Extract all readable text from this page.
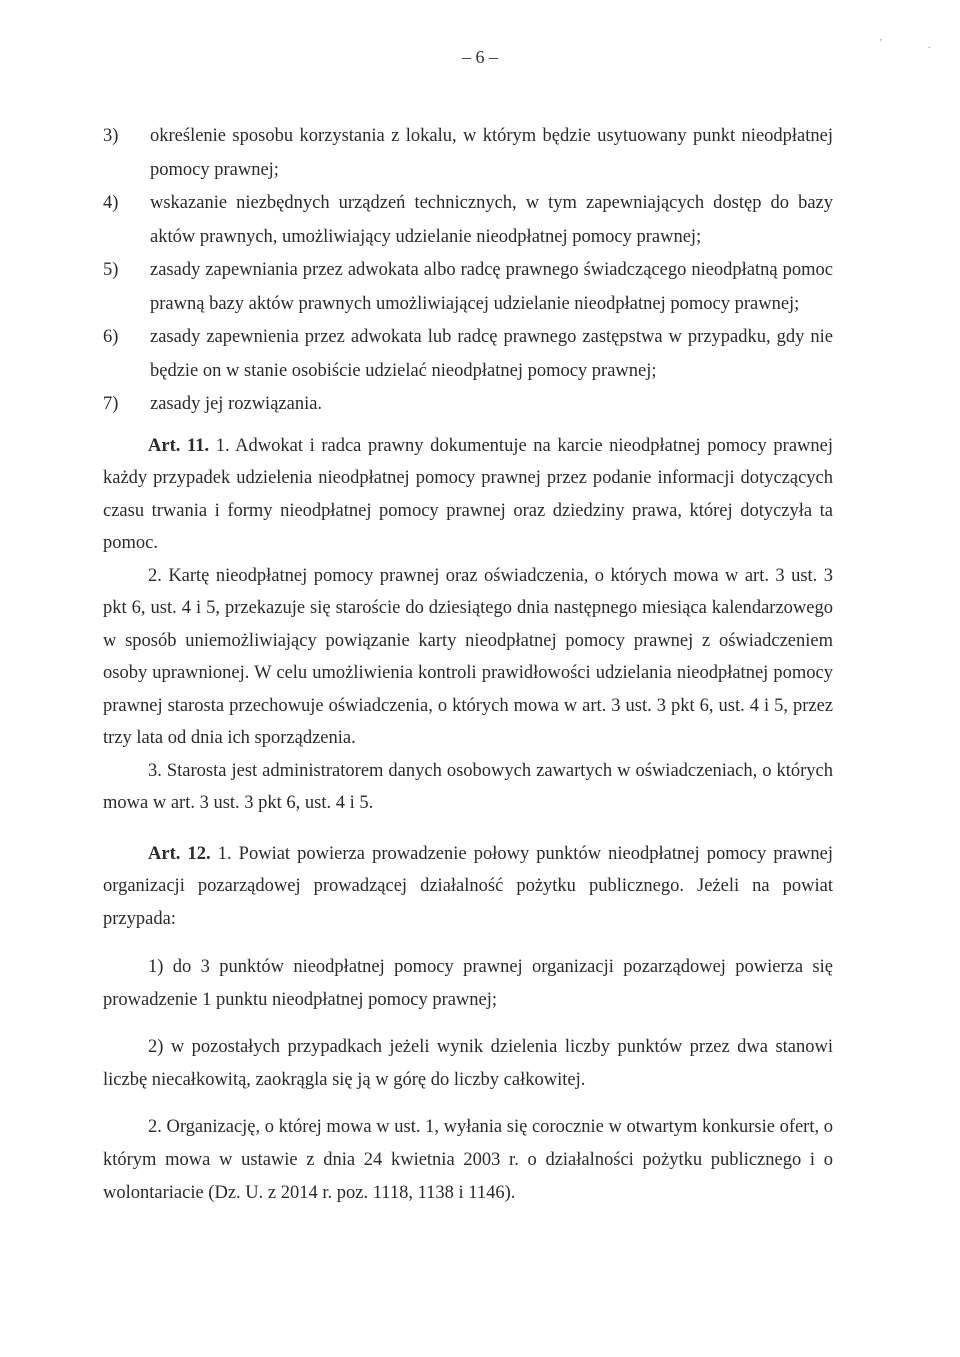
– 6 –
'	.
3) określenie sposobu korzystania z lokalu, w którym będzie usytuowany punkt nieodpłatnej pomocy prawnej;
4) wskazanie niezbędnych urządzeń technicznych, w tym zapewniających dostęp do bazy aktów prawnych, umożliwiający udzielanie nieodpłatnej pomocy prawnej;
5) zasady zapewniania przez adwokata albo radcę prawnego świadczącego nieodpłatną pomoc prawną bazy aktów prawnych umożliwiającej udzielanie nieodpłatnej pomocy prawnej;
6) zasady zapewnienia przez adwokata lub radcę prawnego zastępstwa w przypadku, gdy nie będzie on w stanie osobiście udzielać nieodpłatnej pomocy prawnej;
7) zasady jej rozwiązania.
Art. 11. 1. Adwokat i radca prawny dokumentuje na karcie nieodpłatnej pomocy prawnej każdy przypadek udzielenia nieodpłatnej pomocy prawnej przez podanie informacji dotyczących czasu trwania i formy nieodpłatnej pomocy prawnej oraz dziedziny prawa, której dotyczyła ta pomoc.
2. Kartę nieodpłatnej pomocy prawnej oraz oświadczenia, o których mowa w art. 3 ust. 3 pkt 6, ust. 4 i 5, przekazuje się staroście do dziesiątego dnia następnego miesiąca kalendarzowego w sposób uniemożliwiający powiązanie karty nieodpłatnej pomocy prawnej z oświadczeniem osoby uprawnionej. W celu umożliwienia kontroli prawidłowości udzielania nieodpłatnej pomocy prawnej starosta przechowuje oświadczenia, o których mowa w art. 3 ust. 3 pkt 6, ust. 4 i 5, przez trzy lata od dnia ich sporządzenia.
3. Starosta jest administratorem danych osobowych zawartych w oświadczeniach, o których mowa w art. 3 ust. 3 pkt 6, ust. 4 i 5.
Art. 12. 1. Powiat powierza prowadzenie połowy punktów nieodpłatnej pomocy prawnej organizacji pozarządowej prowadzącej działalność pożytku publicznego. Jeżeli na powiat przypada:
1) do 3 punktów nieodpłatnej pomocy prawnej organizacji pozarządowej powierza się prowadzenie 1 punktu nieodpłatnej pomocy prawnej;
2) w pozostałych przypadkach jeżeli wynik dzielenia liczby punktów przez dwa stanowi liczbę niecałkowitą, zaokrągla się ją w górę do liczby całkowitej.
2. Organizację, o której mowa w ust. 1, wyłania się corocznie w otwartym konkursie ofert, o którym mowa w ustawie z dnia 24 kwietnia 2003 r. o działalności pożytku publicznego i o wolontariacie (Dz. U. z 2014 r. poz. 1118, 1138 i 1146).
